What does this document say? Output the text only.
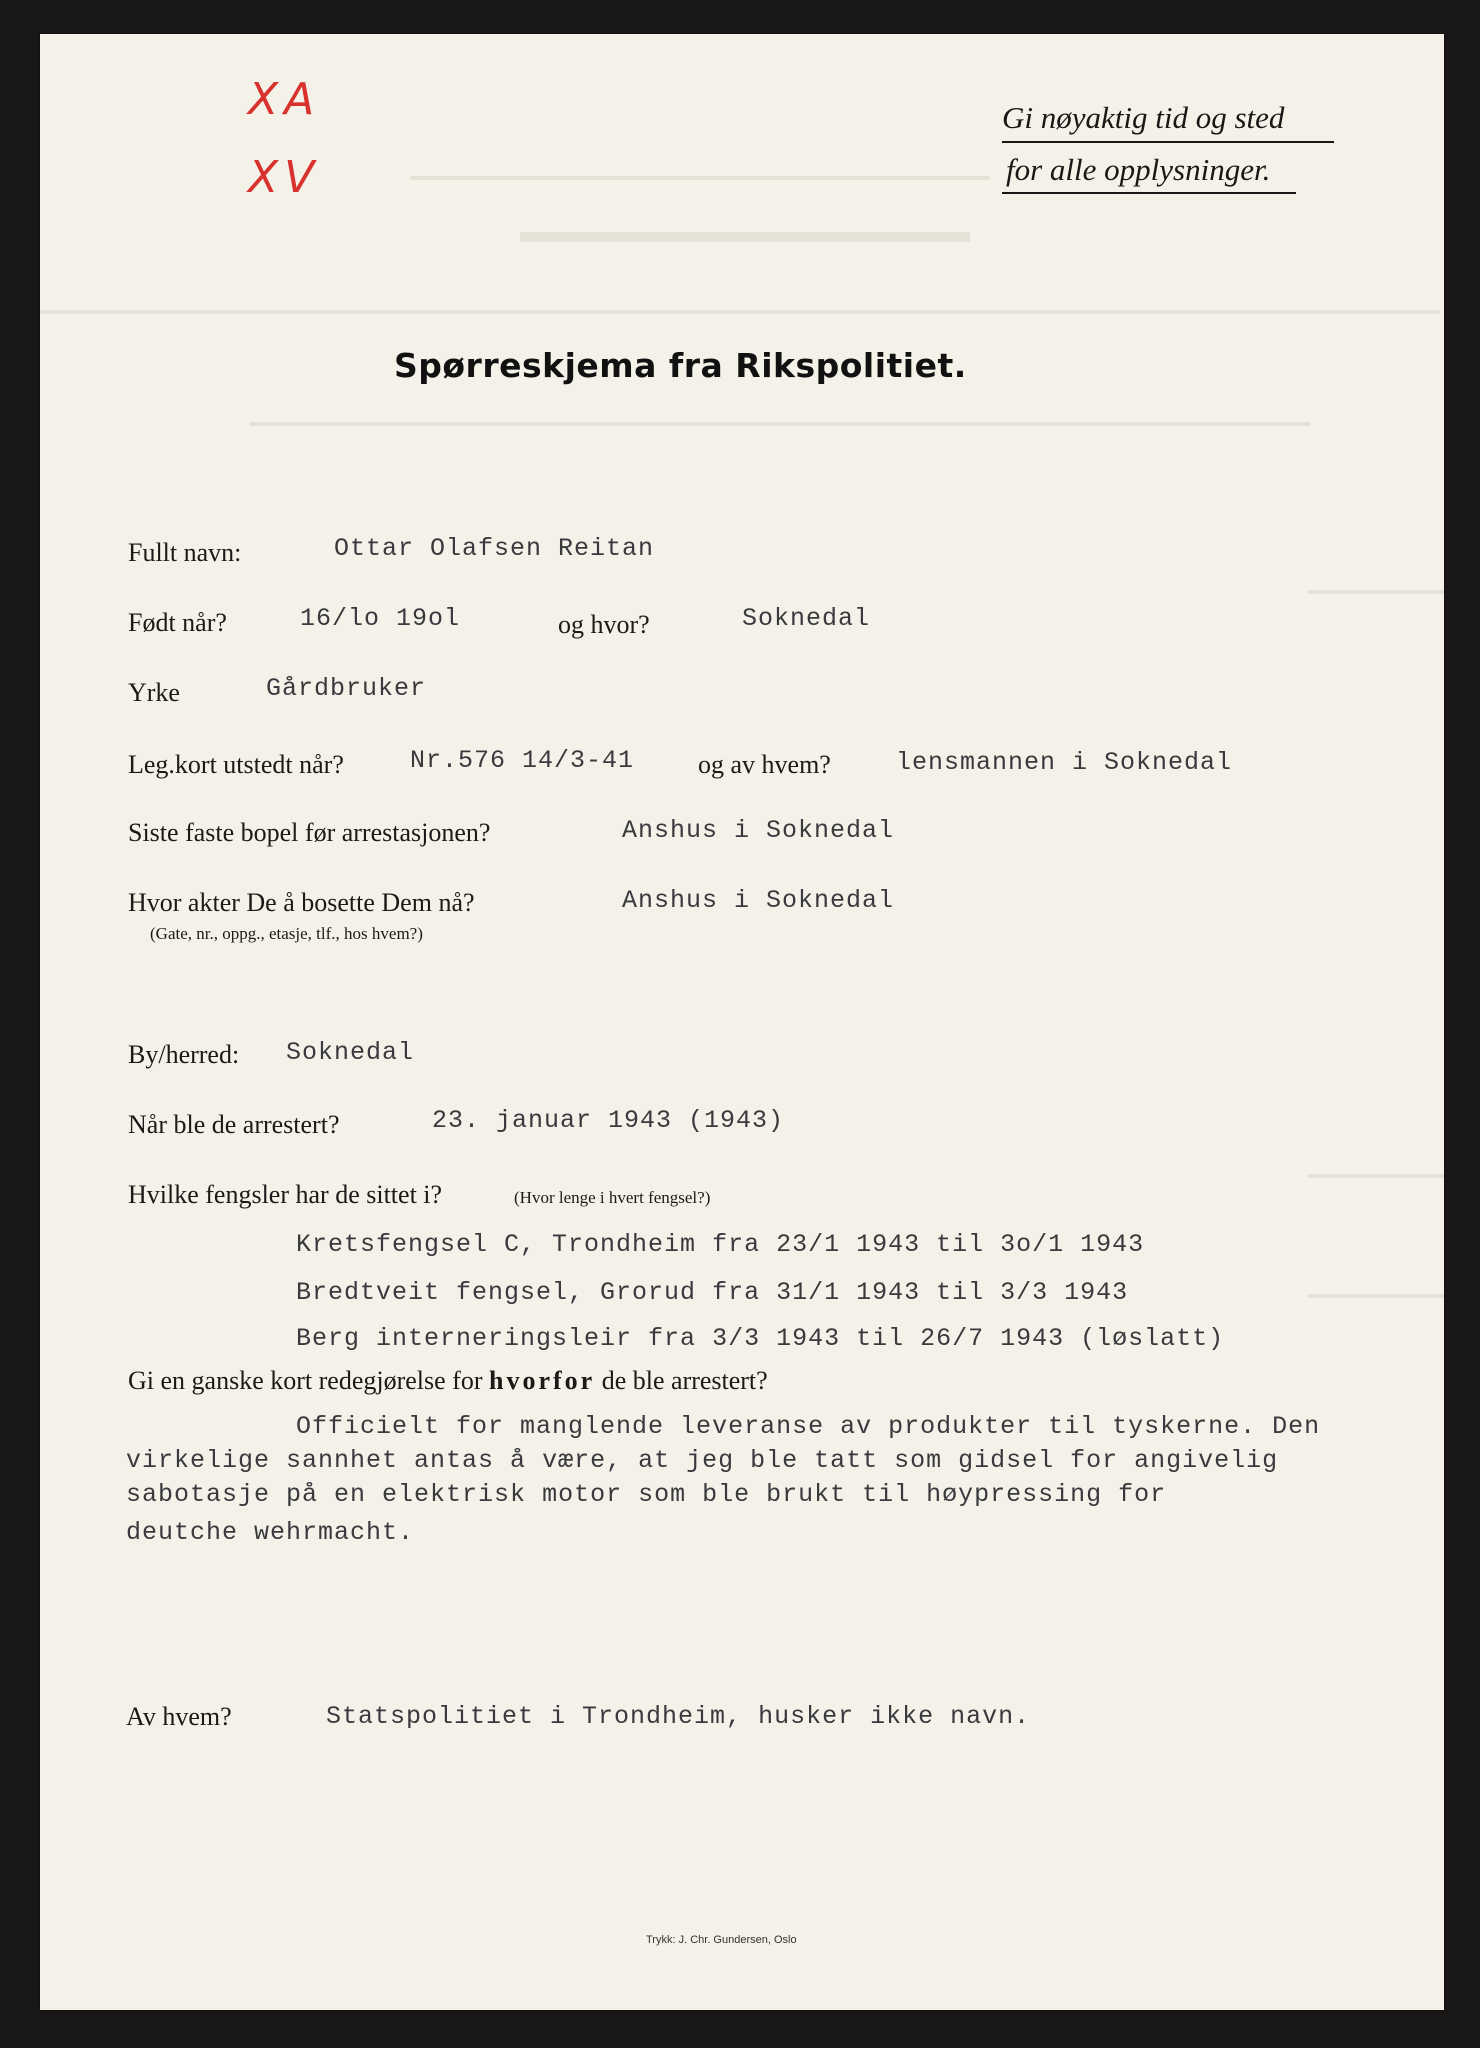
XA
XV
Gi nøyaktig tid og sted
for alle opplysninger.
Spørreskjema fra Rikspolitiet.
Fullt navn:	Ottar Olafsen Reitan
Født når?	16/lo 19ol	og hvor?	Soknedal
Yrke	Gårdbruker
Leg.kort utstedt når?	Nr.576 14/3-41 og av hvem?	lensmannen i Soknedal
Siste faste bopel før arrestasjonen?	Anshus i Soknedal
Hvor akter De å bosette Dem nå?	Anshus i Soknedal
(Gate, nr., oppg., etasje, tlf., hos hvem?)
By/herred: Soknedal
Når ble de arrestert?	23. januar 1943 (1943)
Hvilke fengsler har de sittet i?	(Hvor lenge i hvert fengsel?)
Kretsfengsel C, Trondheim fra 23/1 1943 til 3o/1 1943
Bredtveit fengsel, Grorud fra 31/1 1943 til 3/3 1943
Berg interneringsleir fra 3/3 1943 til 26/7 1943 (løslatt)
Gi en ganske kort redegjørelse for hvorfor de ble arrestert?
Officielt for manglende leveranse av produkter til tyskerne. Den
virkelige sannhet antas å være, at jeg ble tatt som gidsel for angivelig
sabotasje på en elektrisk motor som ble brukt til høypressing for
deutche wehrmacht.
Av hvem?	Statspolitiet i Trondheim, husker ikke navn.
Trykk: J. Chr. Gundersen, Oslo
